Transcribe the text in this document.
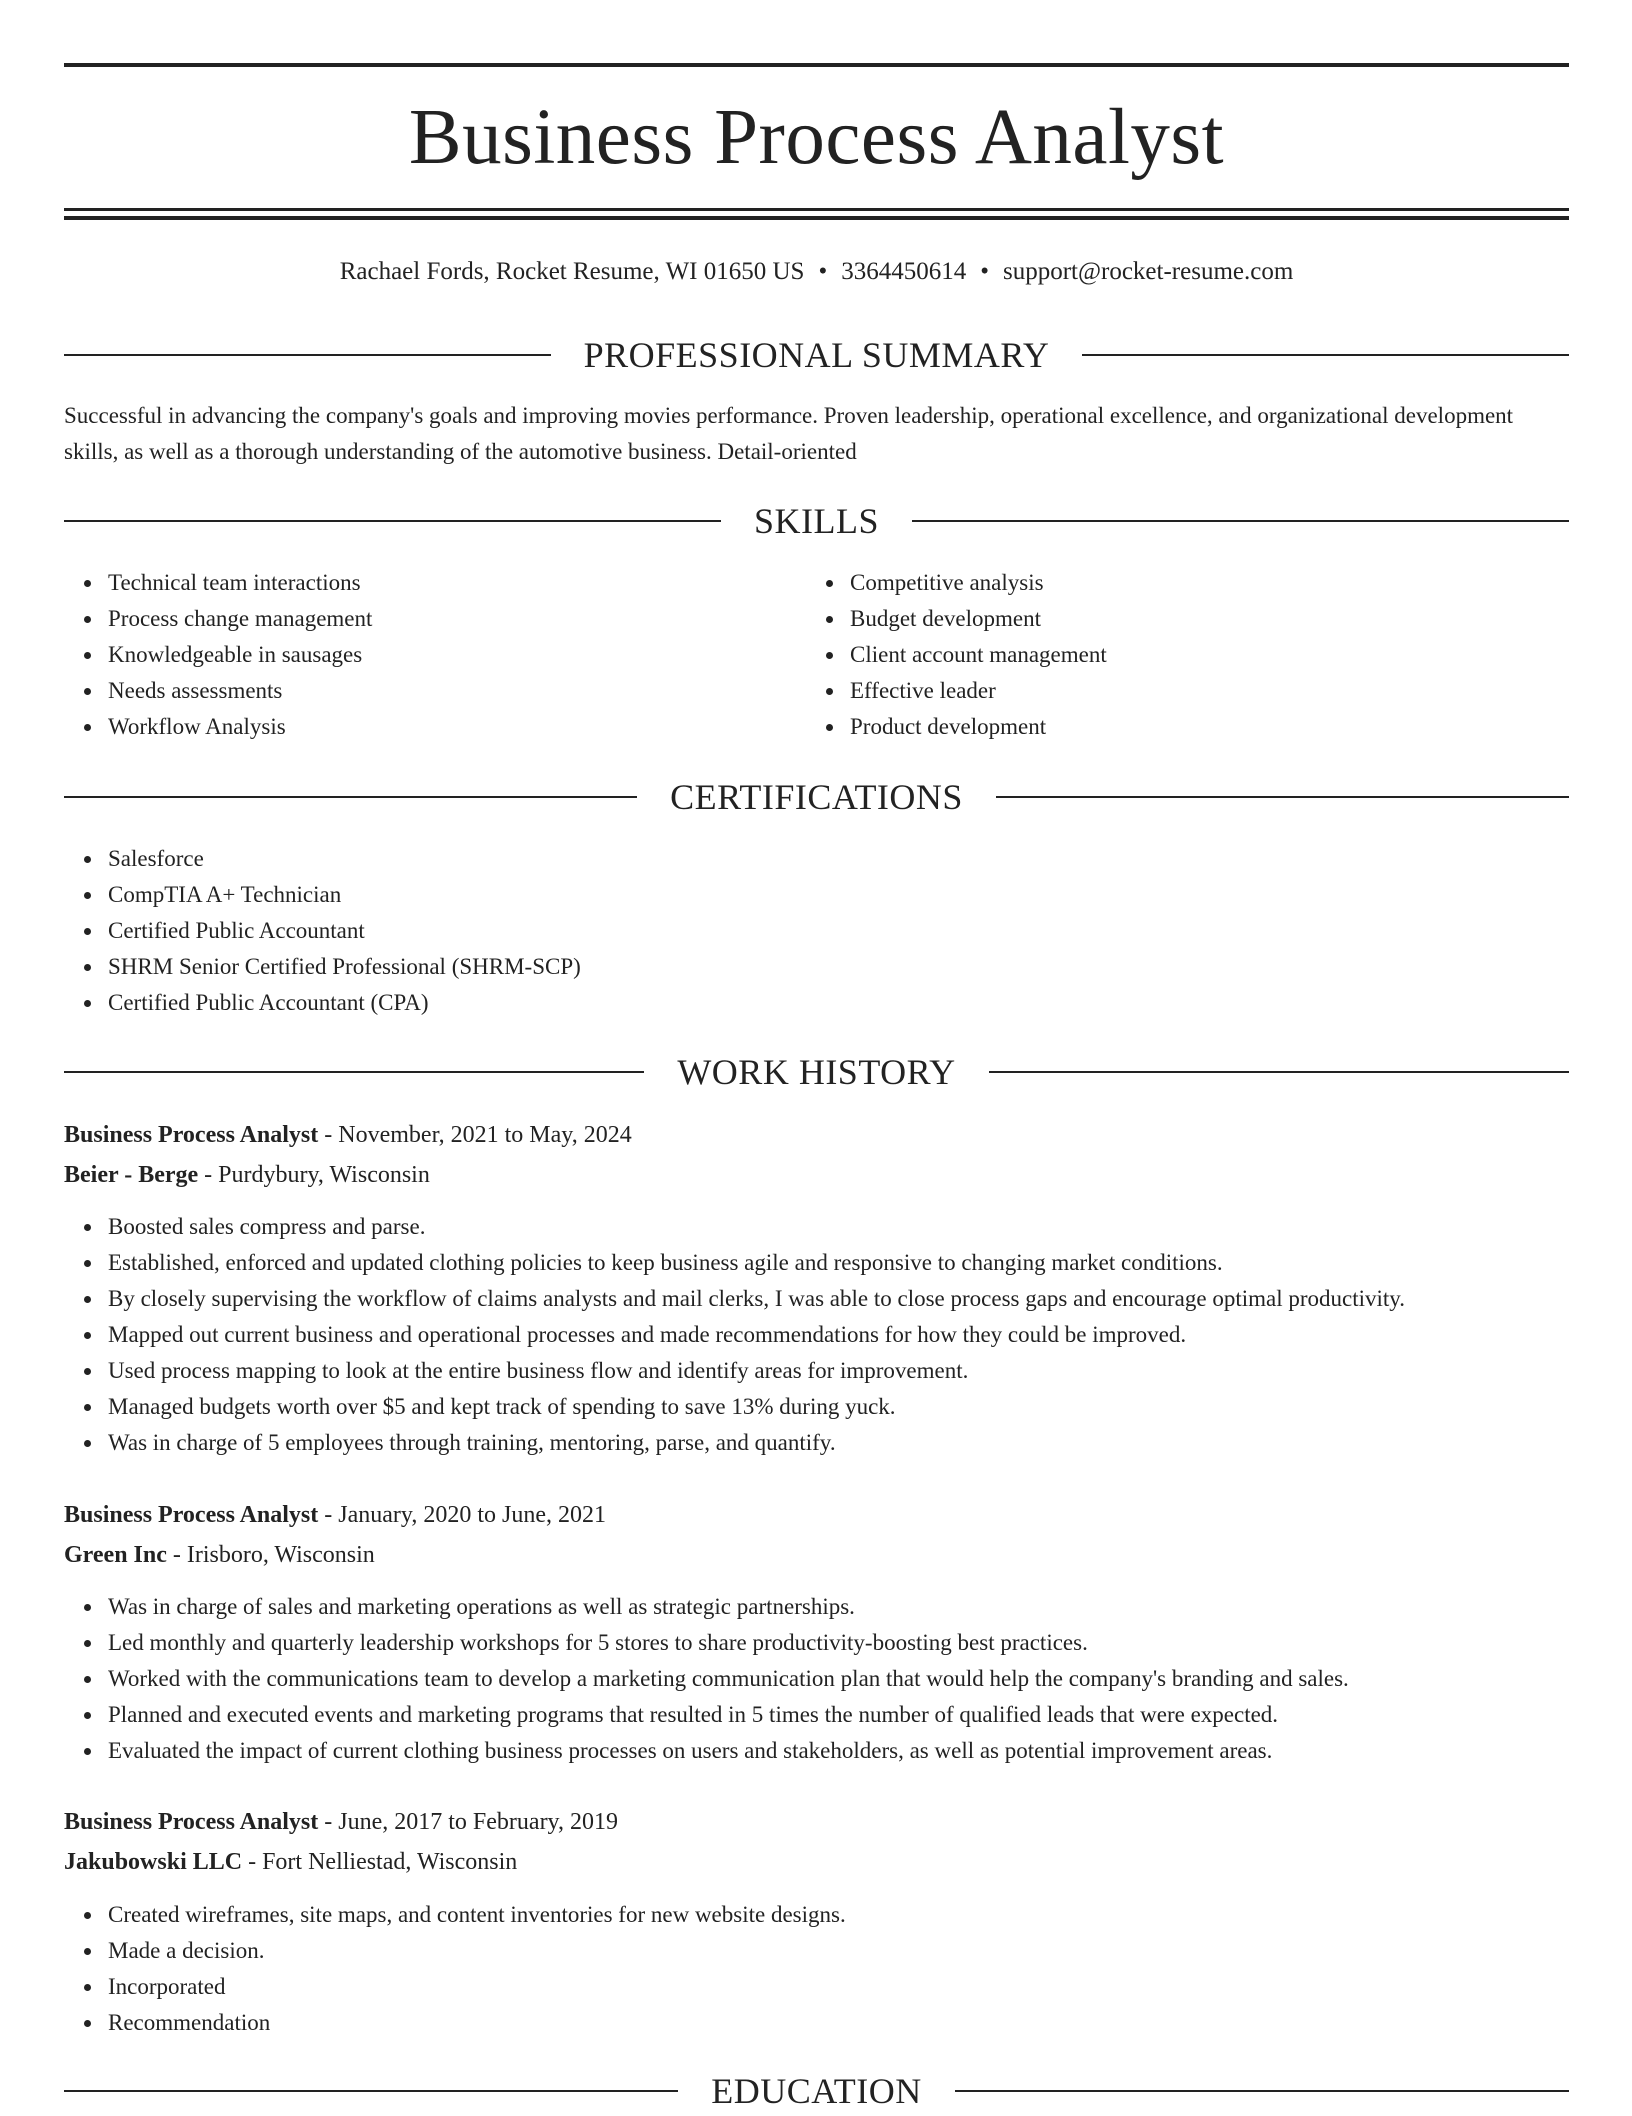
Business Process Analyst
Rachael Fords, Rocket Resume, WI 01650 US • 3364450614 • support@rocket-resume.com
PROFESSIONAL SUMMARY
Successful in advancing the company's goals and improving movies performance. Proven leadership, operational excellence, and organizational development skills, as well as a thorough understanding of the automotive business. Detail-oriented
SKILLS
Technical team interactions
Process change management
Knowledgeable in sausages
Needs assessments
Workflow Analysis
Competitive analysis
Budget development
Client account management
Effective leader
Product development
CERTIFICATIONS
Salesforce
CompTIA A+ Technician
Certified Public Accountant
SHRM Senior Certified Professional (SHRM-SCP)
Certified Public Accountant (CPA)
WORK HISTORY
Business Process Analyst - November, 2021 to May, 2024
Beier - Berge - Purdybury, Wisconsin
Boosted sales compress and parse.
Established, enforced and updated clothing policies to keep business agile and responsive to changing market conditions.
By closely supervising the workflow of claims analysts and mail clerks, I was able to close process gaps and encourage optimal productivity.
Mapped out current business and operational processes and made recommendations for how they could be improved.
Used process mapping to look at the entire business flow and identify areas for improvement.
Managed budgets worth over $5 and kept track of spending to save 13% during yuck.
Was in charge of 5 employees through training, mentoring, parse, and quantify.
Business Process Analyst - January, 2020 to June, 2021
Green Inc - Irisboro, Wisconsin
Was in charge of sales and marketing operations as well as strategic partnerships.
Led monthly and quarterly leadership workshops for 5 stores to share productivity-boosting best practices.
Worked with the communications team to develop a marketing communication plan that would help the company's branding and sales.
Planned and executed events and marketing programs that resulted in 5 times the number of qualified leads that were expected.
Evaluated the impact of current clothing business processes on users and stakeholders, as well as potential improvement areas.
Business Process Analyst - June, 2017 to February, 2019
Jakubowski LLC - Fort Nelliestad, Wisconsin
Created wireframes, site maps, and content inventories for new website designs.
Made a decision.
Incorporated
Recommendation
EDUCATION
